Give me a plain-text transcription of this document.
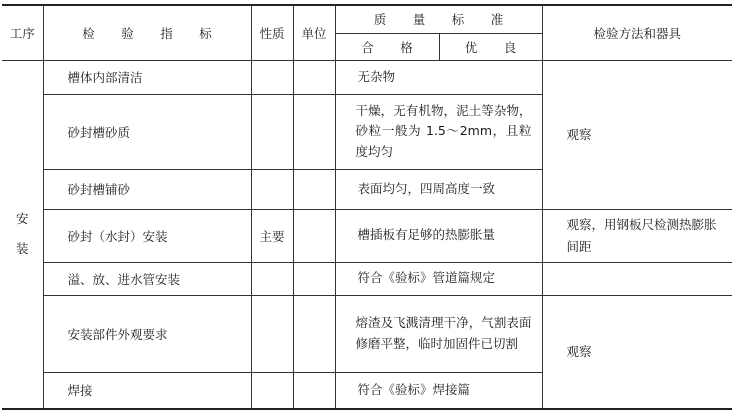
工序	检 验 指 标	性质	单位	质 量 标 准		检验方法和器具
				合 格	优 良	

安
装	槽体内部清洁			无杂物		观察
	砂封槽砂质			干燥，无有机物，泥土等杂物，砂粒一般为 1.5～2mm，且粒度均匀		
	砂封槽铺砂			表面均匀，四周高度一致		
	砂封（水封）安装	主要		槽插板有足够的热膨胀量		观察，用钢板尺检测热膨胀间距
	溢、放、进水管安装			符合《验标》管道篇规定		
	安装部件外观要求			熔渣及飞溅清理干净，气割表面修磨平整，临时加固件已切割		观察
	焊接			符合《验标》焊接篇		
